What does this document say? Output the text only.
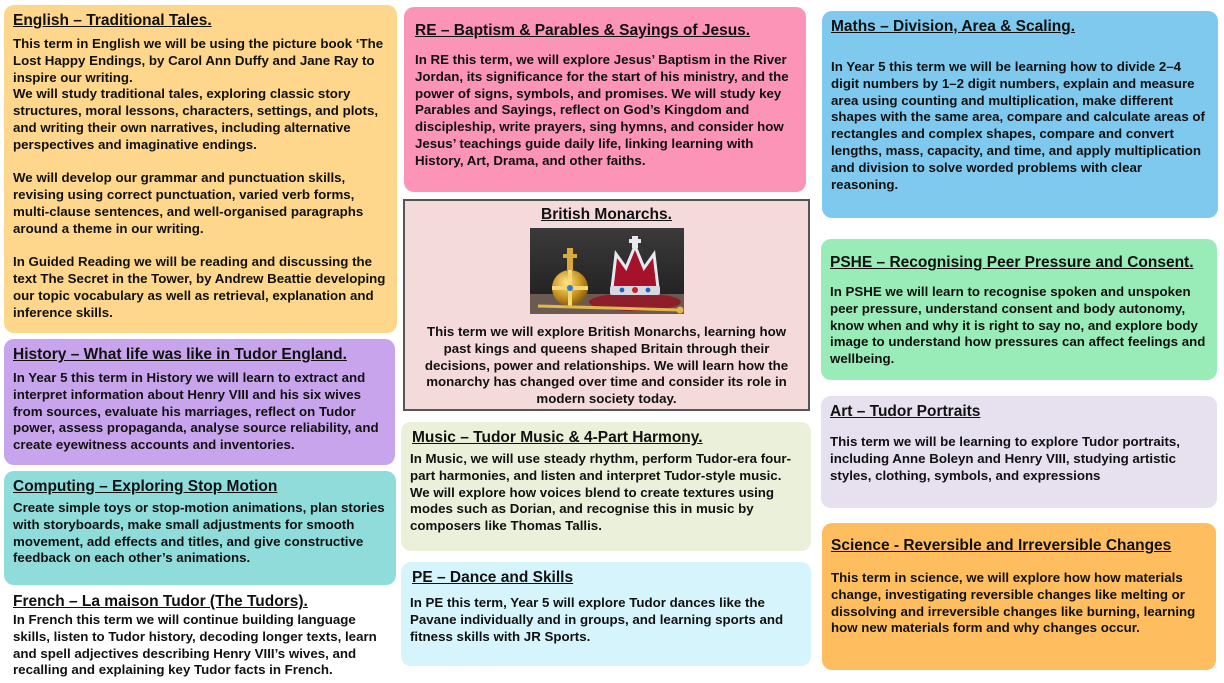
English – Traditional Tales.
This term in English we will be using the picture book ‘The Lost Happy Endings, by Carol Ann Duffy and Jane Ray to inspire our writing.
We will study traditional tales, exploring classic story structures, moral lessons, characters, settings, and plots, and writing their own narratives, including alternative perspectives and imaginative endings.

We will develop our grammar and punctuation skills, revising using correct punctuation, varied verb forms, multi-clause sentences, and well-organised paragraphs around a theme in our writing.

In Guided Reading we will be reading and discussing the text The Secret in the Tower, by Andrew Beattie developing our topic vocabulary as well as retrieval, explanation and inference skills.
History – What life was like in Tudor England.
In Year 5 this term in History we will learn to extract and interpret information about Henry VIII and his six wives from sources, evaluate his marriages, reflect on Tudor power, assess propaganda, analyse source reliability, and create eyewitness accounts and inventories.
Computing – Exploring Stop Motion
Create simple toys or stop-motion animations, plan stories with storyboards, make small adjustments for smooth movement, add effects and titles, and give constructive feedback on each other’s animations.
French – La maison Tudor (The Tudors).
In French this term we will continue building language skills, listen to Tudor history, decoding longer texts, learn and spell adjectives describing Henry VIII’s wives, and recalling and explaining key Tudor facts in French.
RE – Baptism & Parables & Sayings of Jesus.
In RE this term, we will explore Jesus’ Baptism in the River Jordan, its significance for the start of his ministry, and the power of signs, symbols, and promises. We will study key Parables and Sayings, reflect on God’s Kingdom and discipleship, write prayers, sing hymns, and consider how Jesus’ teachings guide daily life, linking learning with History, Art, Drama, and other faiths.
British Monarchs.
This term we will explore British Monarchs, learning how past kings and queens shaped Britain through their decisions, power and relationships. We will learn how the monarchy has changed over time and consider its role in modern society today.
Music – Tudor Music & 4-Part Harmony.
In Music, we will use steady rhythm, perform Tudor-era four-part harmonies, and listen and interpret Tudor-style music. We will explore how voices blend to create textures using modes such as Dorian, and recognise this in music by composers like Thomas Tallis.
PE – Dance and Skills
In PE this term, Year 5 will explore Tudor dances like the Pavane individually and in groups, and learning sports and fitness skills with JR Sports.
Maths – Division, Area & Scaling.
In Year 5 this term we will be learning how to divide 2–4 digit numbers by 1–2 digit numbers, explain and measure area using counting and multiplication, make different shapes with the same area, compare and calculate areas of rectangles and complex shapes, compare and convert lengths, mass, capacity, and time, and apply multiplication and division to solve worded problems with clear reasoning.
PSHE – Recognising Peer Pressure and Consent.
In PSHE we will learn to recognise spoken and unspoken peer pressure, understand consent and body autonomy, know when and why it is right to say no, and explore body image to understand how pressures can affect feelings and wellbeing.
Art – Tudor Portraits
This term we will be learning to explore Tudor portraits, including Anne Boleyn and Henry VIII, studying artistic styles, clothing, symbols, and expressions
Science - Reversible and Irreversible Changes
This term in science, we will explore how how materials change, investigating reversible changes like melting or dissolving and irreversible changes like burning, learning how new materials form and why changes occur.
